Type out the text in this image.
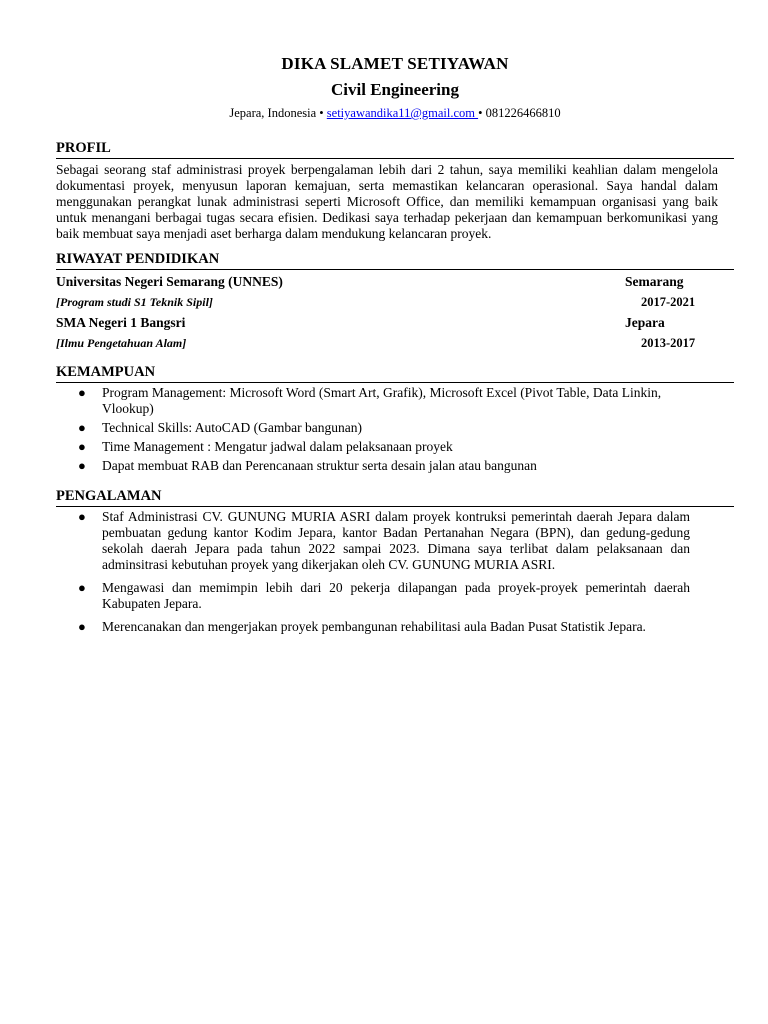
DIKA SLAMET SETIYAWAN
Civil Engineering
Jepara, Indonesia • setiyawandika11@gmail.com • 081226466810
PROFIL

Sebagai seorang staf administrasi proyek berpengalaman lebih dari 2 tahun, saya memiliki keahlian dalam mengelola dokumentasi proyek, menyusun laporan kemajuan, serta memastikan kelancaran operasional. Saya handal dalam menggunakan perangkat lunak administrasi seperti Microsoft Office, dan memiliki kemampuan organisasi yang baik untuk menangani berbagai tugas secara efisien. Dedikasi saya terhadap pekerjaan dan kemampuan berkomunikasi yang baik membuat saya menjadi aset berharga dalam mendukung kelancaran proyek.

RIWAYAT PENDIDIKAN
Universitas Negeri Semarang (UNNES)	Semarang
[Program studi S1 Teknik Sipil]	2017-2021
SMA Negeri 1 Bangsri	Jepara
[Ilmu Pengetahuan Alam]	2013-2017
KEMAMPUAN
● Program Management: Microsoft Word (Smart Art, Grafik), Microsoft Excel (Pivot Table, Data Linkin, Vlookup)
● Technical Skills: AutoCAD (Gambar bangunan)
● Time Management : Mengatur jadwal dalam pelaksanaan proyek
● Dapat membuat RAB dan Perencanaan struktur serta desain jalan atau bangunan
PENGALAMAN
● Staf Administrasi CV. GUNUNG MURIA ASRI dalam proyek kontruksi pemerintah daerah Jepara dalam pembuatan gedung kantor Kodim Jepara, kantor Badan Pertanahan Negara (BPN), dan gedung-gedung sekolah daerah Jepara pada tahun 2022 sampai 2023. Dimana saya terlibat dalam pelaksanaan dan adminsitrasi kebutuhan proyek yang dikerjakan oleh CV. GUNUNG MURIA ASRI.
● Mengawasi dan memimpin lebih dari 20 pekerja dilapangan pada proyek-proyek pemerintah daerah Kabupaten Jepara.
● Merencanakan dan mengerjakan proyek pembangunan rehabilitasi aula Badan Pusat Statistik Jepara.
